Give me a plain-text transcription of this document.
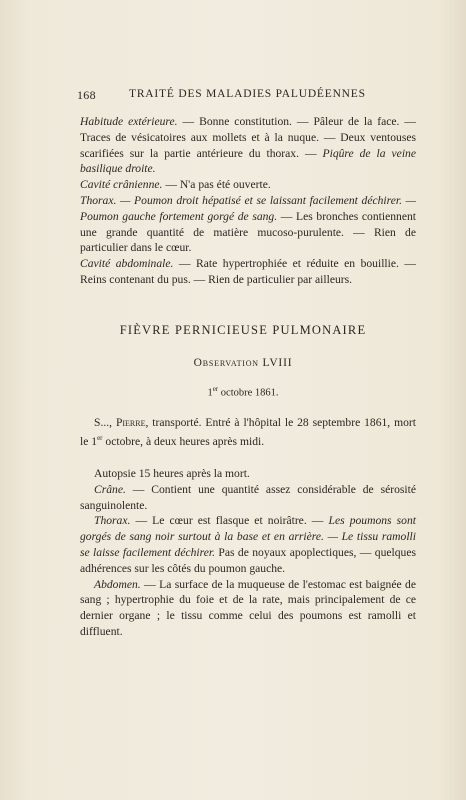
168	TRAITÉ DES MALADIES PALUDÉENNES

Habitude extérieure. — Bonne constitution. — Pâleur de la face. — Traces de vésicatoires aux mollets et à la nuque. — Deux ventouses scarifiées sur la partie antérieure du thorax. — Piqûre de la veine basilique droite.

Cavité crânienne. — N'a pas été ouverte.

Thorax. — Poumon droit hépatisé et se laissant facilement déchirer. — Poumon gauche fortement gorgé de sang. — Les bronches contiennent une grande quantité de matière mucoso-purulente. — Rien de particulier dans le cœur.

Cavité abdominale. — Rate hypertrophiée et réduite en bouillie. — Reins contenant du pus. — Rien de particulier par ailleurs.

FIÈVRE PERNICIEUSE PULMONAIRE
Observation LVIII
1er octobre 1861.

S..., Pierre, transporté. Entré à l'hôpital le 28 septembre 1861, mort le 1er octobre, à deux heures après midi.

Autopsie 15 heures après la mort.

Crâne. — Contient une quantité assez considérable de sérosité sanguinolente.

Thorax. — Le cœur est flasque et noirâtre. — Les poumons sont gorgés de sang noir surtout à la base et en arrière. — Le tissu ramolli se laisse facilement déchirer. Pas de noyaux apoplectiques, — quelques adhérences sur les côtés du poumon gauche.

Abdomen. — La surface de la muqueuse de l'estomac est baignée de sang ; hypertrophie du foie et de la rate, mais principalement de ce dernier organe ; le tissu comme celui des poumons est ramolli et diffluent.
